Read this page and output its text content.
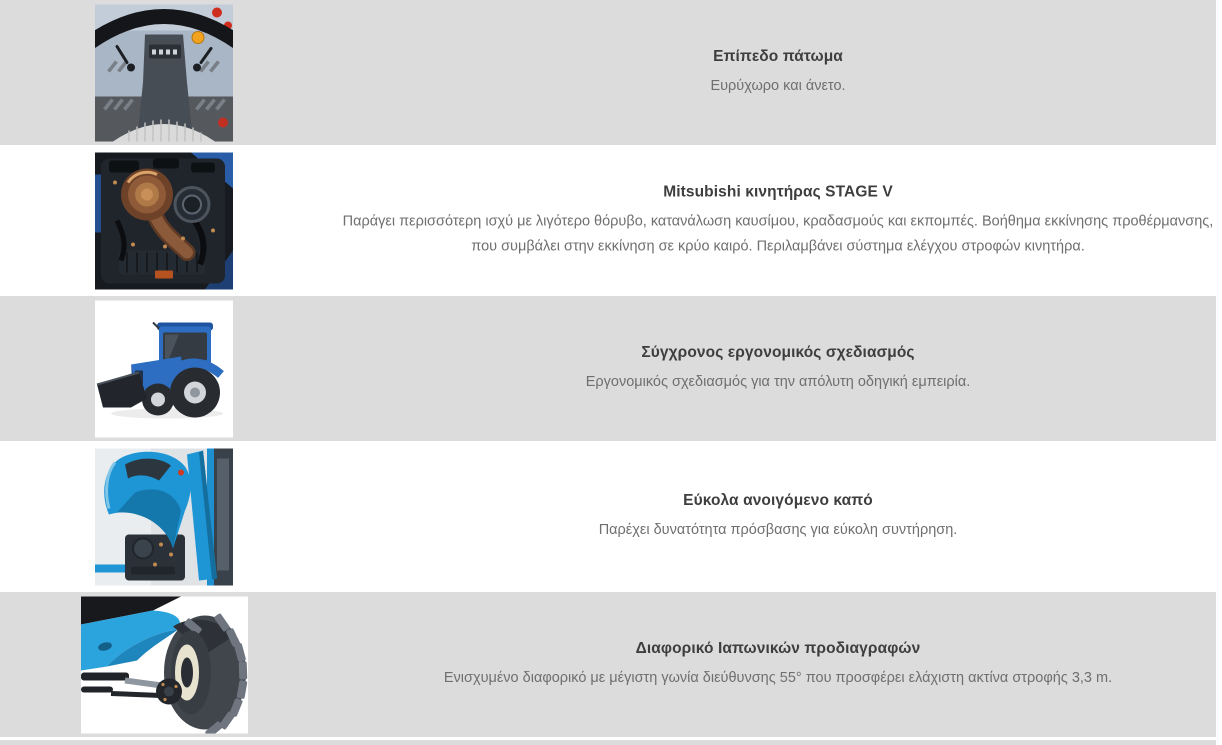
Επίπεδο πάτωμα

Ευρύχωρο και άνετο.

Mitsubishi κινητήρας STAGE V

Παράγει περισσότερη ισχύ με λιγότερο θόρυβο, κατανάλωση καυσίμου, κραδασμούς και εκπομπές. Βοήθημα εκκίνησης προθέρμανσης, που συμβάλει στην εκκίνηση σε κρύο καιρό. Περιλαμβάνει σύστημα ελέγχου στροφών κινητήρα.

Σύγχρονος εργονομικός σχεδιασμός

Εργονομικός σχεδιασμός για την απόλυτη οδηγική εμπειρία.

Εύκολα ανοιγόμενο καπό

Παρέχει δυνατότητα πρόσβασης για εύκολη συντήρηση.

Διαφορικό Ιαπωνικών προδιαγραφών

Ενισχυμένο διαφορικό με μέγιστη γωνία διεύθυνσης 55° που προσφέρει ελάχιστη ακτίνα στροφής 3,3 m.
